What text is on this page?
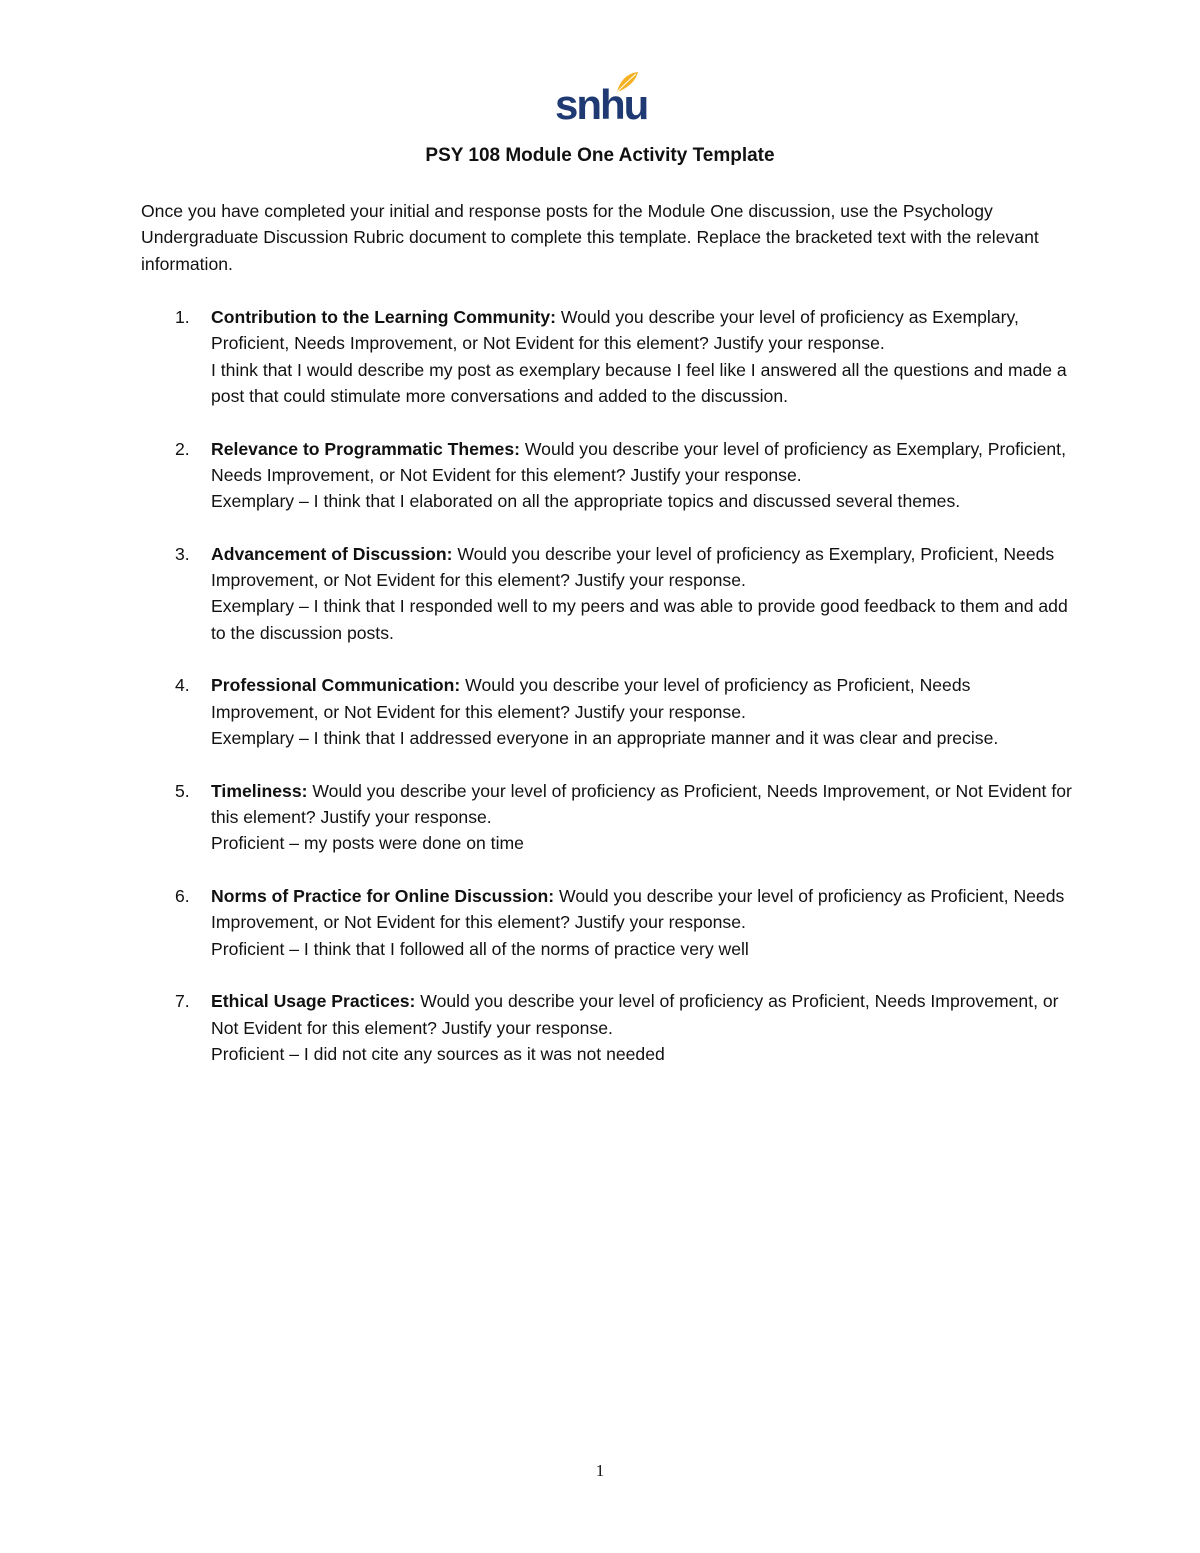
snhu
PSY 108 Module One Activity Template

Once you have completed your initial and response posts for the Module One discussion, use the Psychology Undergraduate Discussion Rubric document to complete this template. Replace the bracketed text with the relevant information.

1. Contribution to the Learning Community: Would you describe your level of proficiency as Exemplary, Proficient, Needs Improvement, or Not Evident for this element? Justify your response.
I think that I would describe my post as exemplary because I feel like I answered all the questions and made a post that could stimulate more conversations and added to the discussion.
2. Relevance to Programmatic Themes: Would you describe your level of proficiency as Exemplary, Proficient, Needs Improvement, or Not Evident for this element? Justify your response.
Exemplary – I think that I elaborated on all the appropriate topics and discussed several themes.
3. Advancement of Discussion: Would you describe your level of proficiency as Exemplary, Proficient, Needs Improvement, or Not Evident for this element? Justify your response.
Exemplary – I think that I responded well to my peers and was able to provide good feedback to them and add to the discussion posts.
4. Professional Communication: Would you describe your level of proficiency as Proficient, Needs Improvement, or Not Evident for this element? Justify your response.
Exemplary – I think that I addressed everyone in an appropriate manner and it was clear and precise.
5. Timeliness: Would you describe your level of proficiency as Proficient, Needs Improvement, or Not Evident for this element? Justify your response.
Proficient – my posts were done on time
6. Norms of Practice for Online Discussion: Would you describe your level of proficiency as Proficient, Needs Improvement, or Not Evident for this element? Justify your response.
Proficient – I think that I followed all of the norms of practice very well
7. Ethical Usage Practices: Would you describe your level of proficiency as Proficient, Needs Improvement, or Not Evident for this element? Justify your response.
Proficient – I did not cite any sources as it was not needed
1
